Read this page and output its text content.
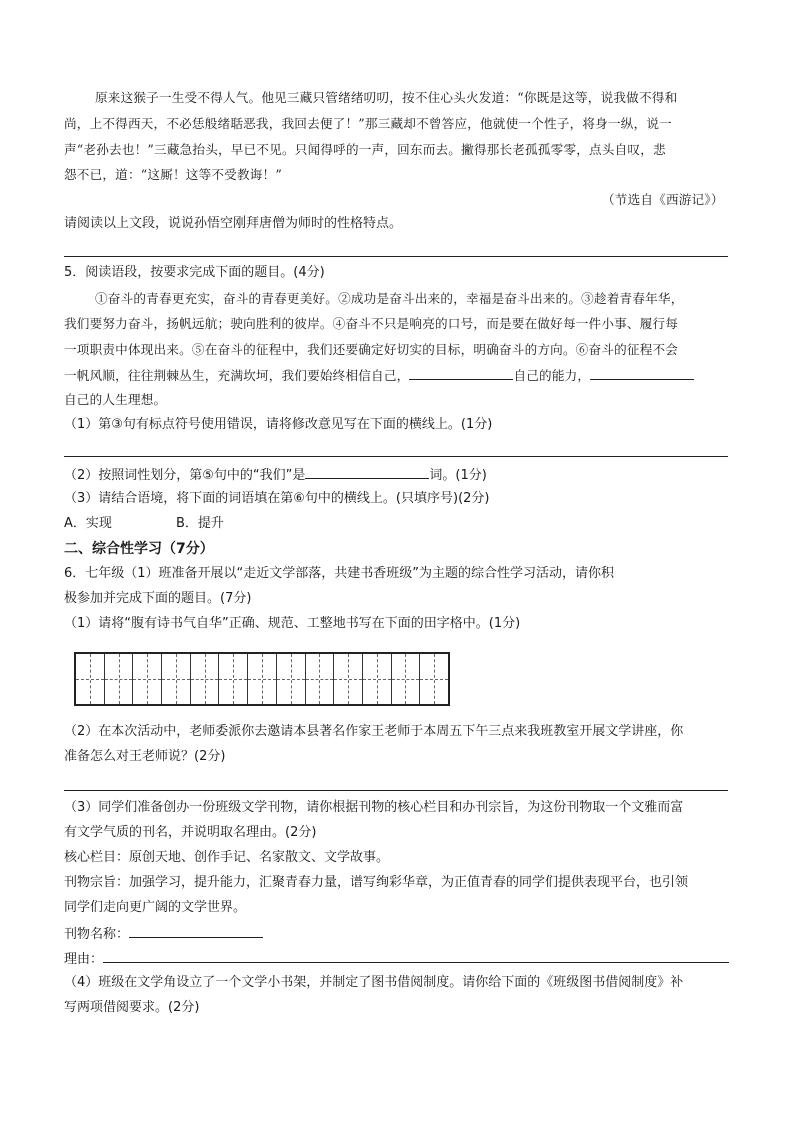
原来这猴子一生受不得人气。他见三藏只管绪绪叨叨，按不住心头火发道：“你既是这等，说我做不得和
尚，上不得西天，不必恁般绪聒恶我，我回去便了！”那三藏却不曾答应，他就使一个性子，将身一纵，说一
声“老孙去也！”三藏急抬头，早已不见。只闻得呼的一声，回东而去。撇得那长老孤孤零零，点头自叹，悲
怨不已，道：“这厮！这等不受教诲！”
（节选自《西游记》）
请阅读以上文段，说说孙悟空刚拜唐僧为师时的性格特点。
5．阅读语段，按要求完成下面的题目。(4分)
①奋斗的青春更充实，奋斗的青春更美好。②成功是奋斗出来的，幸福是奋斗出来的。③趁着青春年华，
我们要努力奋斗，扬帆远航；驶向胜利的彼岸。④奋斗不只是响亮的口号，而是要在做好每一件小事、履行每
一项职责中体现出来。⑤在奋斗的征程中，我们还要确定好切实的目标，明确奋斗的方向。⑥奋斗的征程不会
一帆风顺，往往荆棘丛生，充满坎坷，我们要始终相信自己，	自己的能力，
自己的人生理想。
（1）第③句有标点符号使用错误，请将修改意见写在下面的横线上。(1分)
（2）按照词性划分，第⑤句中的“我们”是	词。(1分)
（3）请结合语境，将下面的词语填在第⑥句中的横线上。(只填序号)(2分)
A．实现	B．提升
二、综合性学习（7分）
6．七年级（1）班准备开展以“走近文学部落，共建书香班级”为主题的综合性学习活动，请你积
极参加并完成下面的题目。(7分)
（1）请将“腹有诗书气自华”正确、规范、工整地书写在下面的田字格中。(1分)
（2）在本次活动中，老师委派你去邀请本县著名作家王老师于本周五下午三点来我班教室开展文学讲座，你
准备怎么对王老师说？(2分)
（3）同学们准备创办一份班级文学刊物，请你根据刊物的核心栏目和办刊宗旨，为这份刊物取一个文雅而富
有文学气质的刊名，并说明取名理由。(2分)
核心栏目：原创天地、创作手记、名家散文、文学故事。
刊物宗旨：加强学习，提升能力，汇聚青春力量，谱写绚彩华章，为正值青春的同学们提供表现平台，也引领
同学们走向更广阔的文学世界。
刊物名称：
理由：
（4）班级在文学角设立了一个文学小书架，并制定了图书借阅制度。请你给下面的《班级图书借阅制度》补
写两项借阅要求。(2分)
